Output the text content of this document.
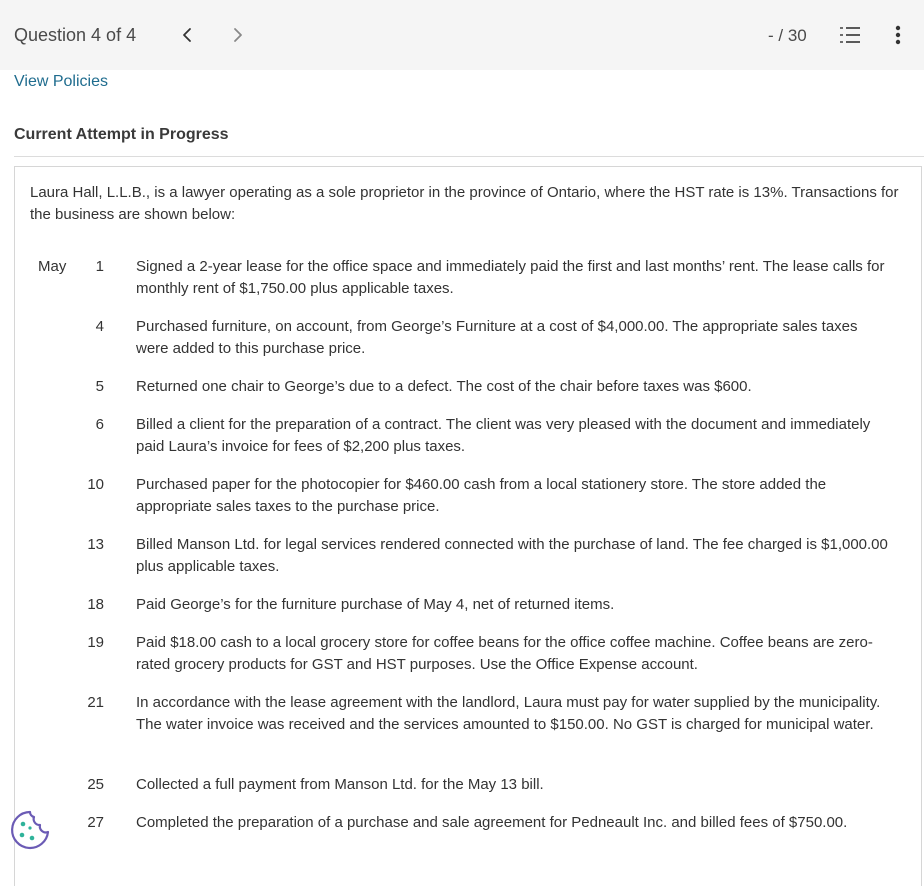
Question 4 of 4	- / 30
View Policies
Current Attempt in Progress
Laura Hall, L.L.B., is a lawyer operating as a sole proprietor in the province of Ontario, where the HST rate is 13%. Transactions for the business are shown below:
May	1 Signed a 2-year lease for the office space and immediately paid the first and last months’ rent. The lease calls for monthly rent of $1,750.00 plus applicable taxes.
4 Purchased furniture, on account, from George’s Furniture at a cost of $4,000.00. The appropriate sales taxes were added to this purchase price.
5 Returned one chair to George’s due to a defect. The cost of the chair before taxes was $600.
6 Billed a client for the preparation of a contract. The client was very pleased with the document and immediately paid Laura’s invoice for fees of $2,200 plus taxes.
10 Purchased paper for the photocopier for $460.00 cash from a local stationery store. The store added the appropriate sales taxes to the purchase price.
13 Billed Manson Ltd. for legal services rendered connected with the purchase of land. The fee charged is $1,000.00 plus applicable taxes.
18 Paid George’s for the furniture purchase of May 4, net of returned items.
19 Paid $18.00 cash to a local grocery store for coffee beans for the office coffee machine. Coffee beans are zero-rated grocery products for GST and HST purposes. Use the Office Expense account.
21 In accordance with the lease agreement with the landlord, Laura must pay for water supplied by the municipality. The water invoice was received and the services amounted to $150.00. No GST is charged for municipal water.
25 Collected a full payment from Manson Ltd. for the May 13 bill.
27 Completed the preparation of a purchase and sale agreement for Pedneault Inc. and billed fees of $750.00.
